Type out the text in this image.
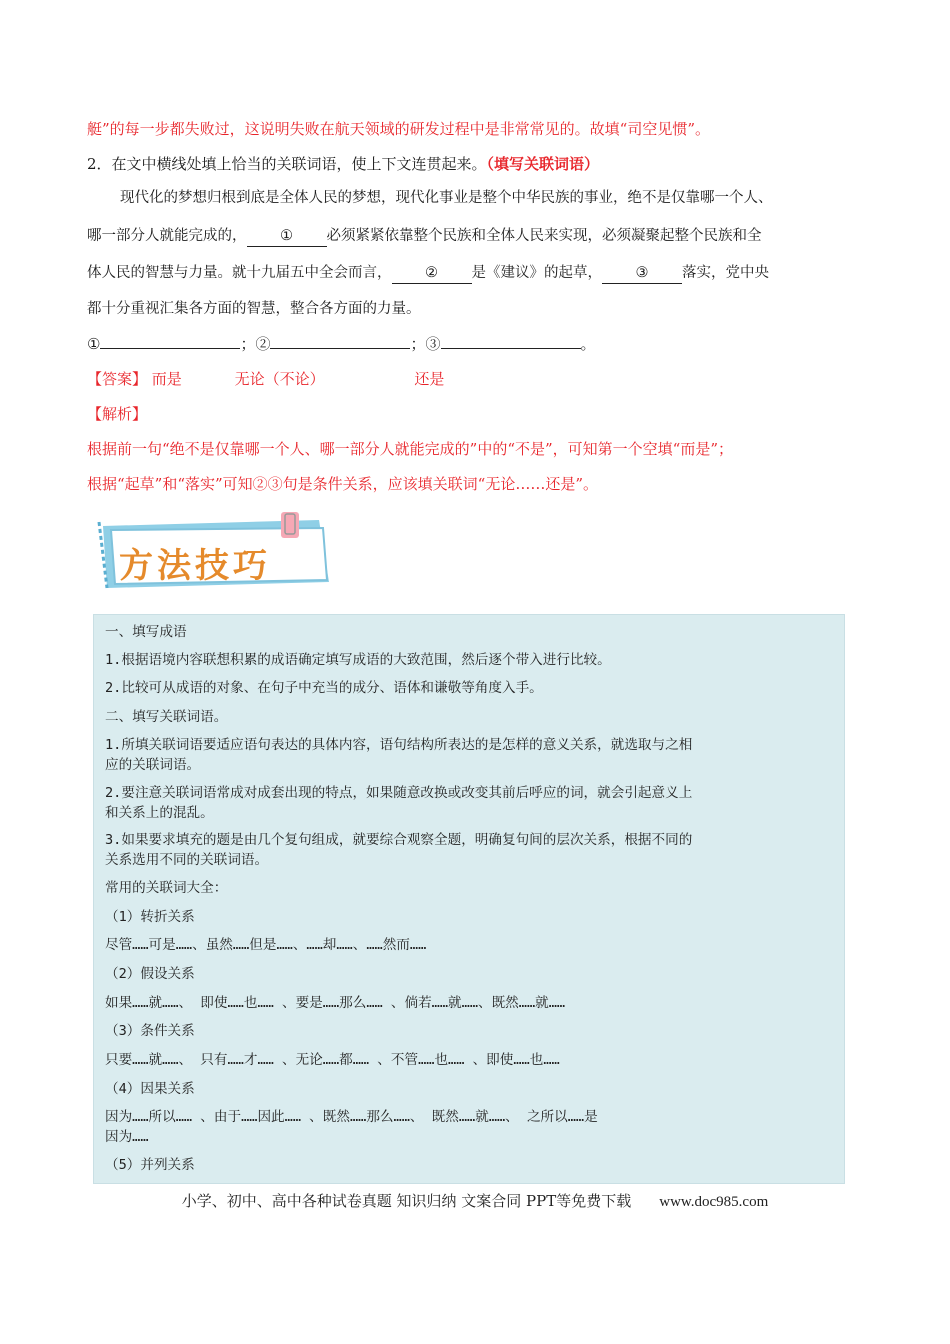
艇”的每一步都失败过，这说明失败在航天领域的研发过程中是非常常见的。故填“司空见惯”。
2．在文中横线处填上恰当的关联词语，使上下文连贯起来。（填写关联词语）
现代化的梦想归根到底是全体人民的梦想，现代化事业是整个中华民族的事业，绝不是仅靠哪一个人、
哪一部分人就能完成的， ① 必须紧紧依靠整个民族和全体人民来实现，必须凝聚起整个民族和全
体人民的智慧与力量。就十九届五中全会而言， ② 是《建议》的起草， ③ 落实，党中央
都十分重视汇集各方面的智慧，整合各方面的力量。
①	；②	；③	。
【答案】 而是	无论（不论）	还是
【解析】
根据前一句“绝不是仅靠哪一个人、哪一部分人就能完成的”中的“不是”，可知第一个空填“而是”；
根据“起草”和“落实”可知②③句是条件关系，应该填关联词“无论……还是”。
方法技巧
一、填写成语
1.根据语境内容联想积累的成语确定填写成语的大致范围，然后逐个带入进行比较。
2.比较可从成语的对象、在句子中充当的成分、语体和谦敬等角度入手。
二、填写关联词语。
1.所填关联词语要适应语句表达的具体内容，语句结构所表达的是怎样的意义关系，就选取与之相
应的关联词语。
2.要注意关联词语常成对成套出现的特点，如果随意改换或改变其前后呼应的词，就会引起意义上
和关系上的混乱。
3.如果要求填充的题是由几个复句组成，就要综合观察全题，明确复句间的层次关系，根据不同的
关系选用不同的关联词语。
常用的关联词大全：
（1）转折关系
尽管……可是……、虽然……但是……、……却……、……然而……
（2）假设关系
如果……就……、 即使……也…… 、要是……那么…… 、倘若……就……、既然……就……
（3）条件关系
只要……就……、 只有……才…… 、无论……都…… 、不管……也…… 、即使……也……
（4）因果关系
因为……所以…… 、由于……因此…… 、既然……那么……、 既然……就……、 之所以……是
因为……
（5）并列关系
小学、初中、高中各种试卷真题 知识归纳 文案合同 PPT等免费下载 www.doc985.com
